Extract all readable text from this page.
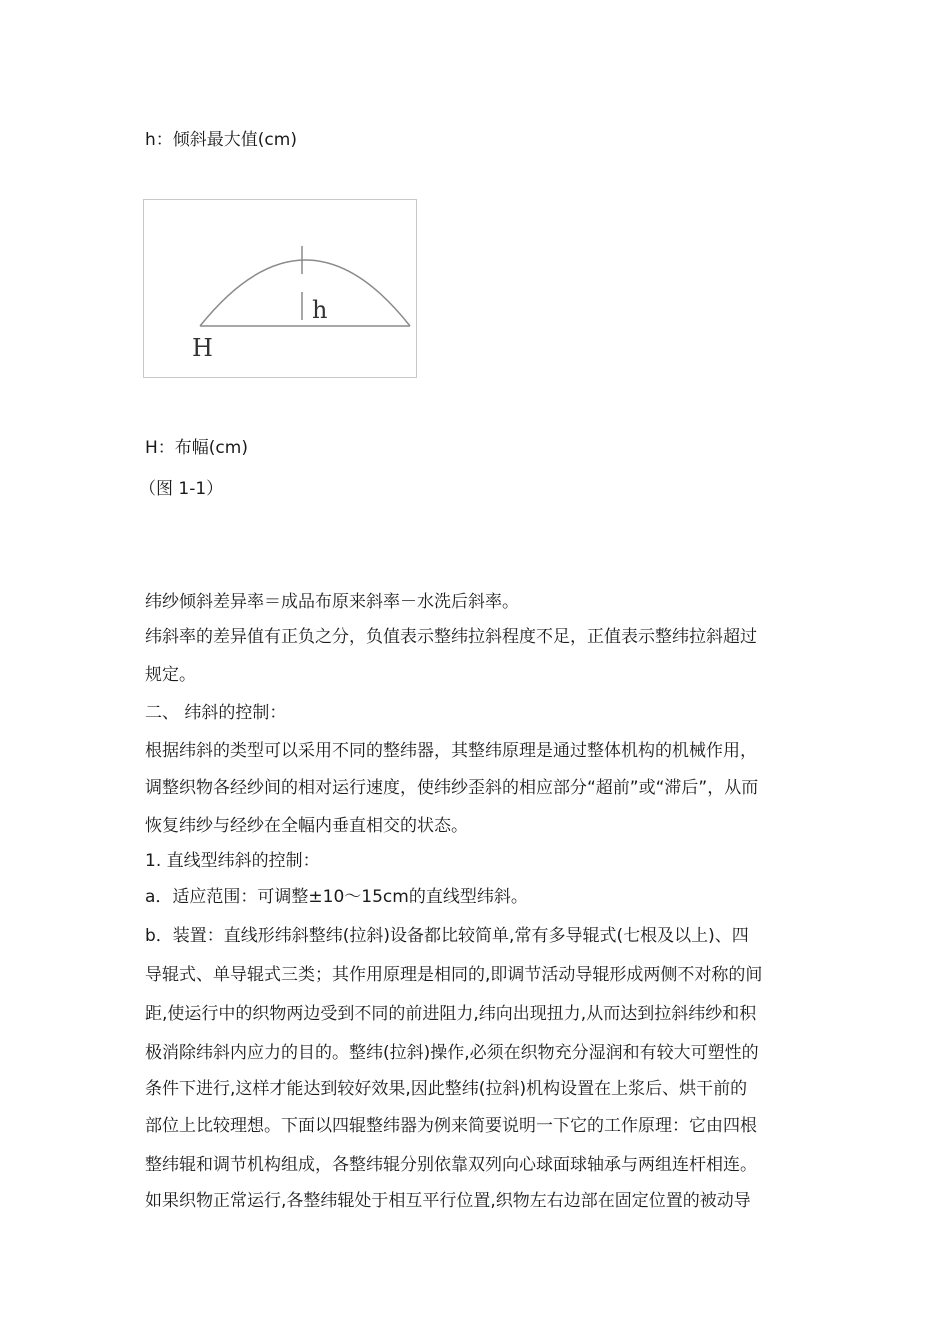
h：倾斜最大值(cm)
h
H
H：布幅(cm)
（图 1-1）
纬纱倾斜差异率＝成品布原来斜率－水洗后斜率。
纬斜率的差异值有正负之分，负值表示整纬拉斜程度不足，正值表示整纬拉斜超过
规定。
二、 纬斜的控制：
根据纬斜的类型可以采用不同的整纬器，其整纬原理是通过整体机构的机械作用，
调整织物各经纱间的相对运行速度，使纬纱歪斜的相应部分“超前”或“滞后”，从而
恢复纬纱与经纱在全幅内垂直相交的状态。
1. 直线型纬斜的控制：
a．适应范围：可调整±10～15cm的直线型纬斜。
b．装置：直线形纬斜整纬(拉斜)设备都比较简单,常有多导辊式(七根及以上)、四
导辊式、单导辊式三类；其作用原理是相同的,即调节活动导辊形成两侧不对称的间
距,使运行中的织物两边受到不同的前进阻力,纬向出现扭力,从而达到拉斜纬纱和积
极消除纬斜内应力的目的。整纬(拉斜)操作,必须在织物充分湿润和有较大可塑性的
条件下进行,这样才能达到较好效果,因此整纬(拉斜)机构设置在上浆后、烘干前的
部位上比较理想。下面以四辊整纬器为例来简要说明一下它的工作原理：它由四根
整纬辊和调节机构组成，各整纬辊分别依靠双列向心球面球轴承与两组连杆相连。
如果织物正常运行,各整纬辊处于相互平行位置,织物左右边部在固定位置的被动导
